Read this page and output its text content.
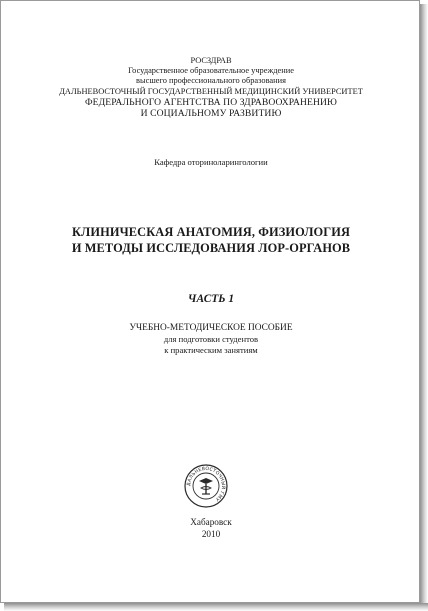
РОСЗДРАВ
Государственное образовательное учреждение
высшего профессионального образования
ДАЛЬНЕВОСТОЧНЫЙ ГОСУДАРСТВЕННЫЙ МЕДИЦИНСКИЙ УНИВЕРСИТЕТ
ФЕДЕРАЛЬНОГО АГЕНТСТВА ПО ЗДРАВООХРАНЕНИЮ
И СОЦИАЛЬНОМУ РАЗВИТИЮ
Кафедра оториноларингологии
КЛИНИЧЕСКАЯ АНАТОМИЯ, ФИЗИОЛОГИЯ
И МЕТОДЫ ИССЛЕДОВАНИЯ ЛОР-ОРГАНОВ
ЧАСТЬ 1
УЧЕБНО-МЕТОДИЧЕСКОЕ ПОСОБИЕ
для подготовки студентов
к практическим занятиям
ДАЛЬНЕВОСТОЧНЫЙ ГМУ
Хабаровск
2010
